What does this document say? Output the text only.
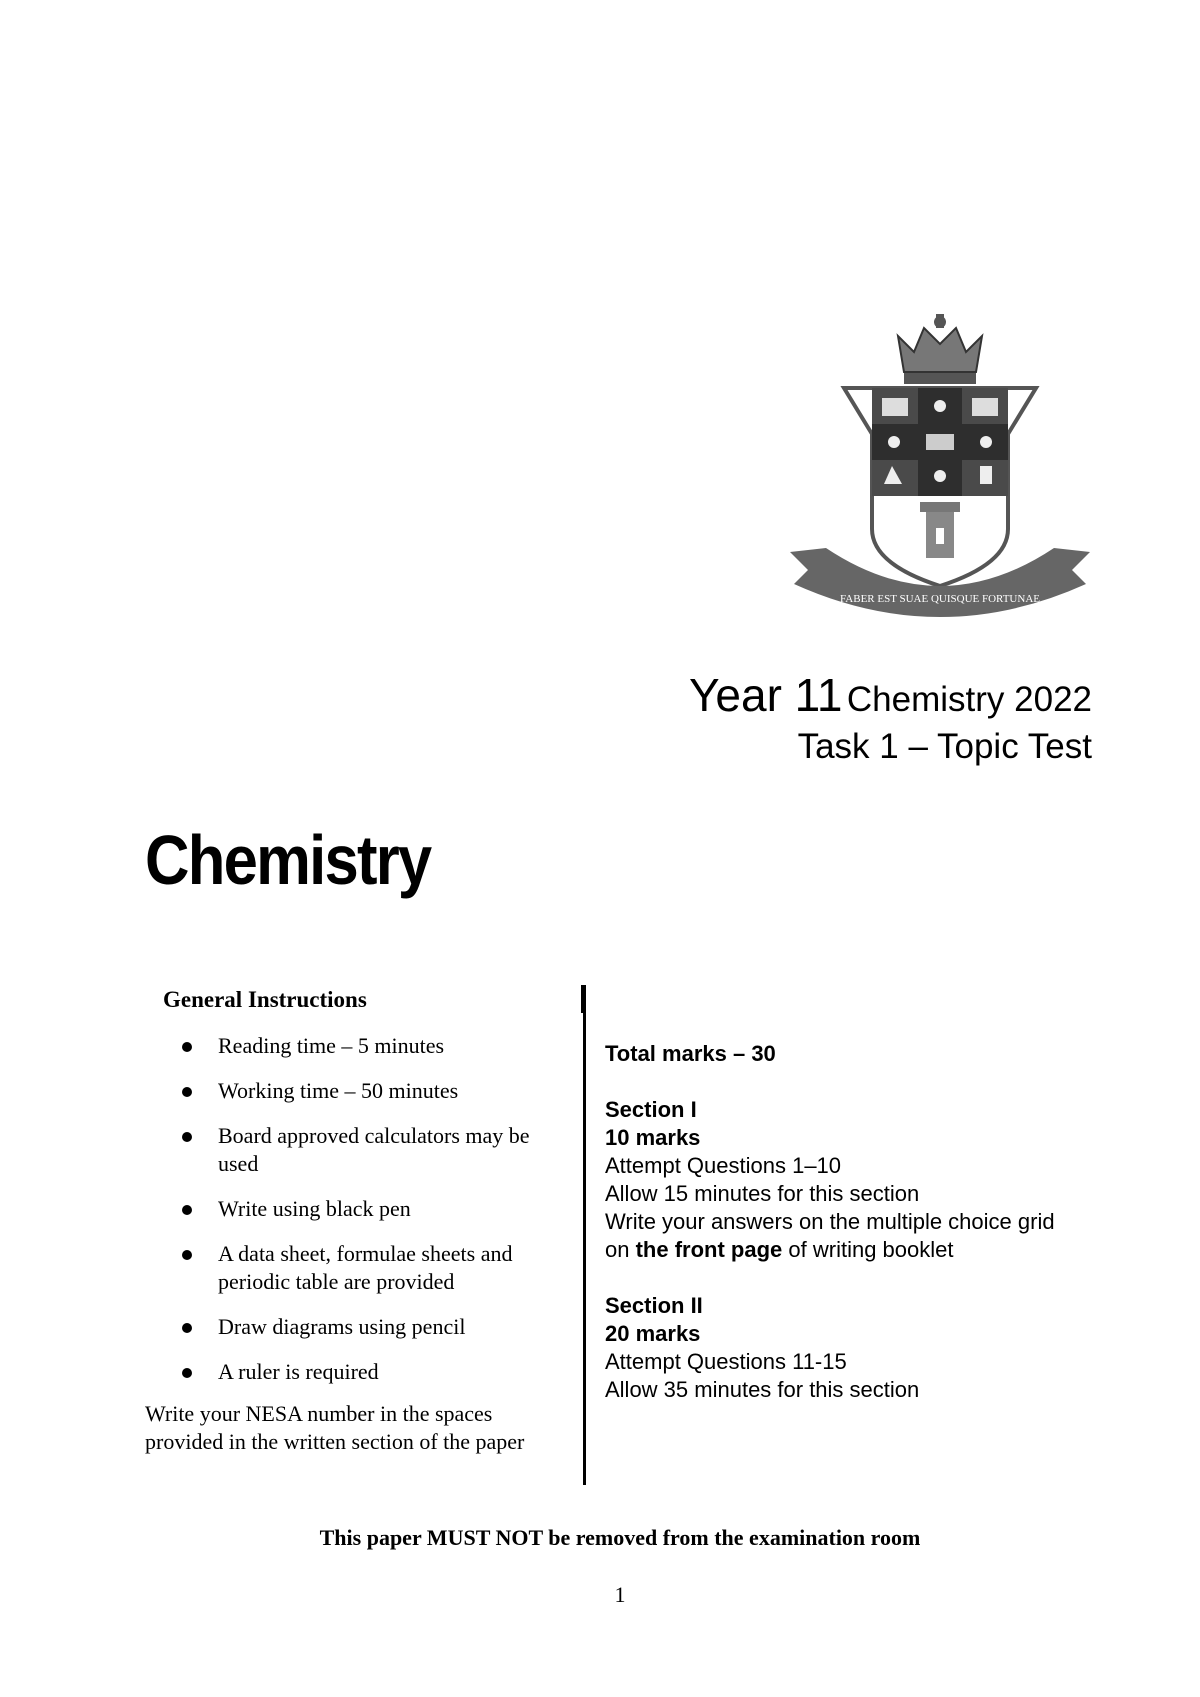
1849
FABER EST SUAE QUISQUE FORTUNAE
Year 11 Chemistry 2022
Task 1 – Topic Test
Chemistry
General Instructions
Reading time – 5 minutes
Working time – 50 minutes
Board approved calculators may be used
Write using black pen
A data sheet, formulae sheets and periodic table are provided
Draw diagrams using pencil
A ruler is required
Write your NESA number in the spaces provided in the written section of the paper
Total marks – 30
Section I
10 marks
Attempt Questions 1–10
Allow 15 minutes for this section
Write your answers on the multiple choice grid on the front page of writing booklet
Section II
20 marks
Attempt Questions 11-15
Allow 35 minutes for this section
This paper MUST NOT be removed from the examination room
1
